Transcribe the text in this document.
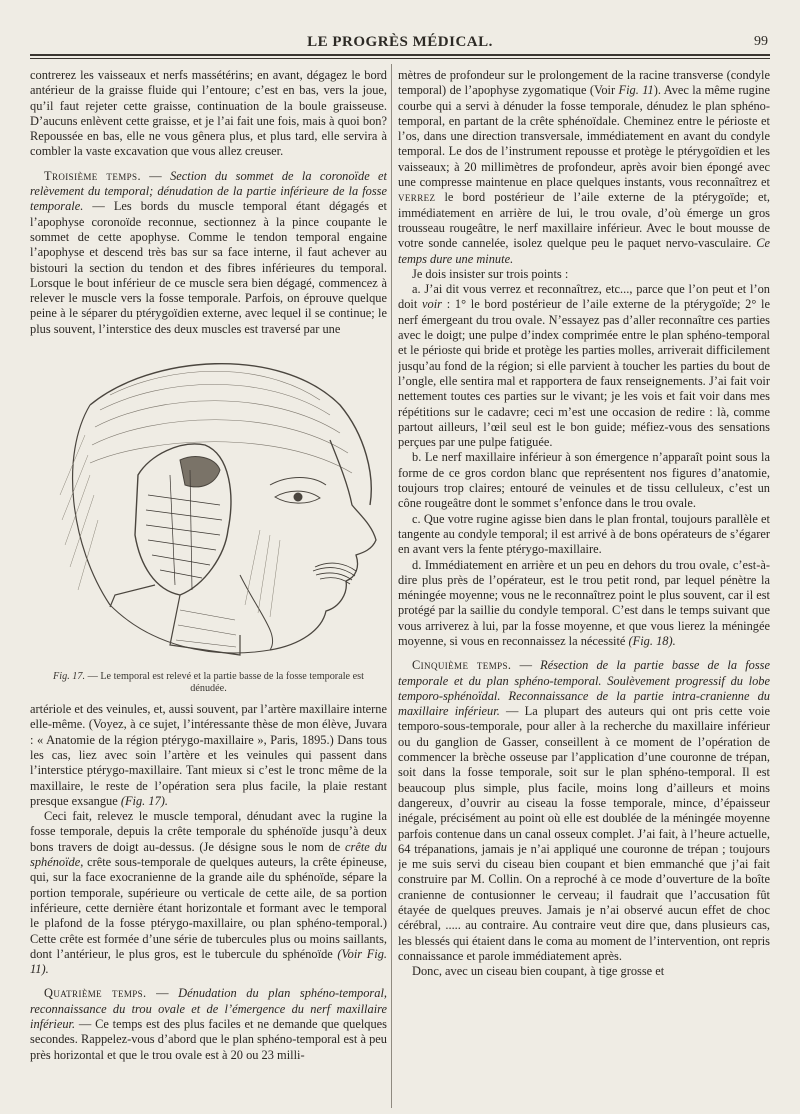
LE PROGRÈS MÉDICAL.	99

contrerez les vaisseaux et nerfs massétérins; en avant, dégagez le bord antérieur de la graisse fluide qui l’entoure; c’est en bas, vers la joue, qu’il faut rejeter cette graisse, continuation de la boule graisseuse. D’aucuns enlèvent cette graisse, et je l’ai fait une fois, mais à quoi bon? Repoussée en bas, elle ne vous gênera plus, et plus tard, elle servira à combler la vaste excavation que vous allez creuser.

Troisième temps. — Section du sommet de la coronoïde et relèvement du temporal; dénudation de la partie inférieure de la fosse temporale. — Les bords du muscle temporal étant dégagés et l’apophyse coronoïde reconnue, sectionnez à la pince coupante le sommet de cette apophyse. Comme le tendon temporal engaine l’apophyse et descend très bas sur sa face interne, il faut achever au bistouri la section du tendon et des fibres inférieures du temporal. Lorsque le bout inférieur de ce muscle sera bien dégagé, commencez à relever le muscle vers la fosse temporale. Parfois, on éprouve quelque peine à le séparer du ptérygoïdien externe, avec lequel il se continue; le plus souvent, l’interstice des deux muscles est traversé par une

Fig. 17. — Le temporal est relevé et la partie basse de la fosse temporale est dénudée.

artériole et des veinules, et, aussi souvent, par l’artère maxillaire interne elle-même. (Voyez, à ce sujet, l’intéressante thèse de mon élève, Juvara : « Anatomie de la région ptérygo-maxillaire », Paris, 1895.) Dans tous les cas, liez avec soin l’artère et les veinules qui passent dans l’interstice ptérygo-maxillaire. Tant mieux si c’est le tronc même de la maxillaire, le reste de l’opération sera plus facile, la plaie restant presque exsangue (Fig. 17).

Ceci fait, relevez le muscle temporal, dénudant avec la rugine la fosse temporale, depuis la crête temporale du sphénoïde jusqu’à deux bons travers de doigt au-dessus. (Je désigne sous le nom de crête du sphénoïde, crête sous-temporale de quelques auteurs, la crête épineuse, qui, sur la face exocranienne de la grande aile du sphénoïde, sépare la portion temporale, supérieure ou verticale de cette aile, de sa portion inférieure, cette dernière étant horizontale et formant avec le temporal le plafond de la fosse ptérygo-maxillaire, ou plan sphéno-temporal.) Cette crête est formée d’une série de tubercules plus ou moins saillants, dont l’antérieur, le plus gros, est le tubercule du sphénoïde (Voir Fig. 11).

Quatrième temps. — Dénudation du plan sphéno-temporal, reconnaissance du trou ovale et de l’émergence du nerf maxillaire inférieur. — Ce temps est des plus faciles et ne demande que quelques secondes. Rappelez-vous d’abord que le plan sphéno-temporal est à peu près horizontal et que le trou ovale est à 20 ou 23 milli-

mètres de profondeur sur le prolongement de la racine transverse (condyle temporal) de l’apophyse zygomatique (Voir Fig. 11). Avec la même rugine courbe qui a servi à dénuder la fosse temporale, dénudez le plan sphéno-temporal, en partant de la crête sphénoïdale. Cheminez entre le périoste et l’os, dans une direction transversale, immédiatement en avant du condyle temporal. Le dos de l’instrument repousse et protège le ptérygoïdien et les vaisseaux; à 20 millimètres de profondeur, après avoir bien épongé avec une compresse maintenue en place quelques instants, vous reconnaîtrez et verrez le bord postérieur de l’aile externe de la ptérygoïde; et, immédiatement en arrière de lui, le trou ovale, d’où émerge un gros trousseau rougeâtre, le nerf maxillaire inférieur. Avec le bout mousse de votre sonde cannelée, isolez quelque peu le paquet nervo-vasculaire. Ce temps dure une minute.

Je dois insister sur trois points :

a. J’ai dit vous verrez et reconnaîtrez, etc..., parce que l’on peut et l’on doit voir : 1° le bord postérieur de l’aile externe de la ptérygoïde; 2° le nerf émergeant du trou ovale. N’essayez pas d’aller reconnaître ces parties avec le doigt; une pulpe d’index comprimée entre le plan sphéno-temporal et le périoste qui bride et protège les parties molles, arriverait difficilement jusqu’au fond de la région; si elle parvient à toucher les parties du bout de l’ongle, elle sentira mal et rapportera de faux renseignements. J’ai fait voir nettement toutes ces parties sur le vivant; je les vois et fait voir dans mes répétitions sur le cadavre; ceci m’est une occasion de redire : là, comme partout ailleurs, l’œil seul est le bon guide; méfiez-vous des sensations perçues par une pulpe fatiguée.

b. Le nerf maxillaire inférieur à son émergence n’apparaît point sous la forme de ce gros cordon blanc que représentent nos figures d’anatomie, toujours trop claires; entouré de veinules et de tissu celluleux, c’est un cône rougeâtre dont le sommet s’enfonce dans le trou ovale.

c. Que votre rugine agisse bien dans le plan frontal, toujours parallèle et tangente au condyle temporal; il est arrivé à de bons opérateurs de s’égarer en avant vers la fente ptérygo-maxillaire.

d. Immédiatement en arrière et un peu en dehors du trou ovale, c’est-à-dire plus près de l’opérateur, est le trou petit rond, par lequel pénètre la méningée moyenne; vous ne le reconnaîtrez point le plus souvent, car il est protégé par la saillie du condyle temporal. C’est dans le temps suivant que vous arriverez à lui, par la fosse moyenne, et que vous lierez la méningée moyenne, si vous en reconnaissez la nécessité (Fig. 18).

Cinquième temps. — Résection de la partie basse de la fosse temporale et du plan sphéno-temporal. Soulèvement progressif du lobe temporo-sphénoïdal. Reconnaissance de la partie intra-cranienne du maxillaire inférieur. — La plupart des auteurs qui ont pris cette voie temporo-sous-temporale, pour aller à la recherche du maxillaire inférieur ou du ganglion de Gasser, conseillent à ce moment de l’opération de commencer la brèche osseuse par l’application d’une couronne de trépan, soit dans la fosse temporale, soit sur le plan sphéno-temporal. Il est beaucoup plus simple, plus facile, moins long d’ailleurs et moins dangereux, d’ouvrir au ciseau la fosse temporale, mince, d’épaisseur inégale, précisément au point où elle est doublée de la méningée moyenne parfois contenue dans un canal osseux complet. J’ai fait, à l’heure actuelle, 64 trépanations, jamais je n’ai appliqué une couronne de trépan ; toujours je me suis servi du ciseau bien coupant et bien emmanché que j’ai fait construire par M. Collin. On a reproché à ce mode d’ouverture de la boîte cranienne de contusionner le cerveau; il faudrait que l’accusation fût étayée de quelques preuves. Jamais je n’ai observé aucun effet de choc cérébral, ..... au contraire. Au contraire veut dire que, dans plusieurs cas, les blessés qui étaient dans le coma au moment de l’intervention, ont repris connaissance et parole immédiatement après.

Donc, avec un ciseau bien coupant, à tige grosse et
